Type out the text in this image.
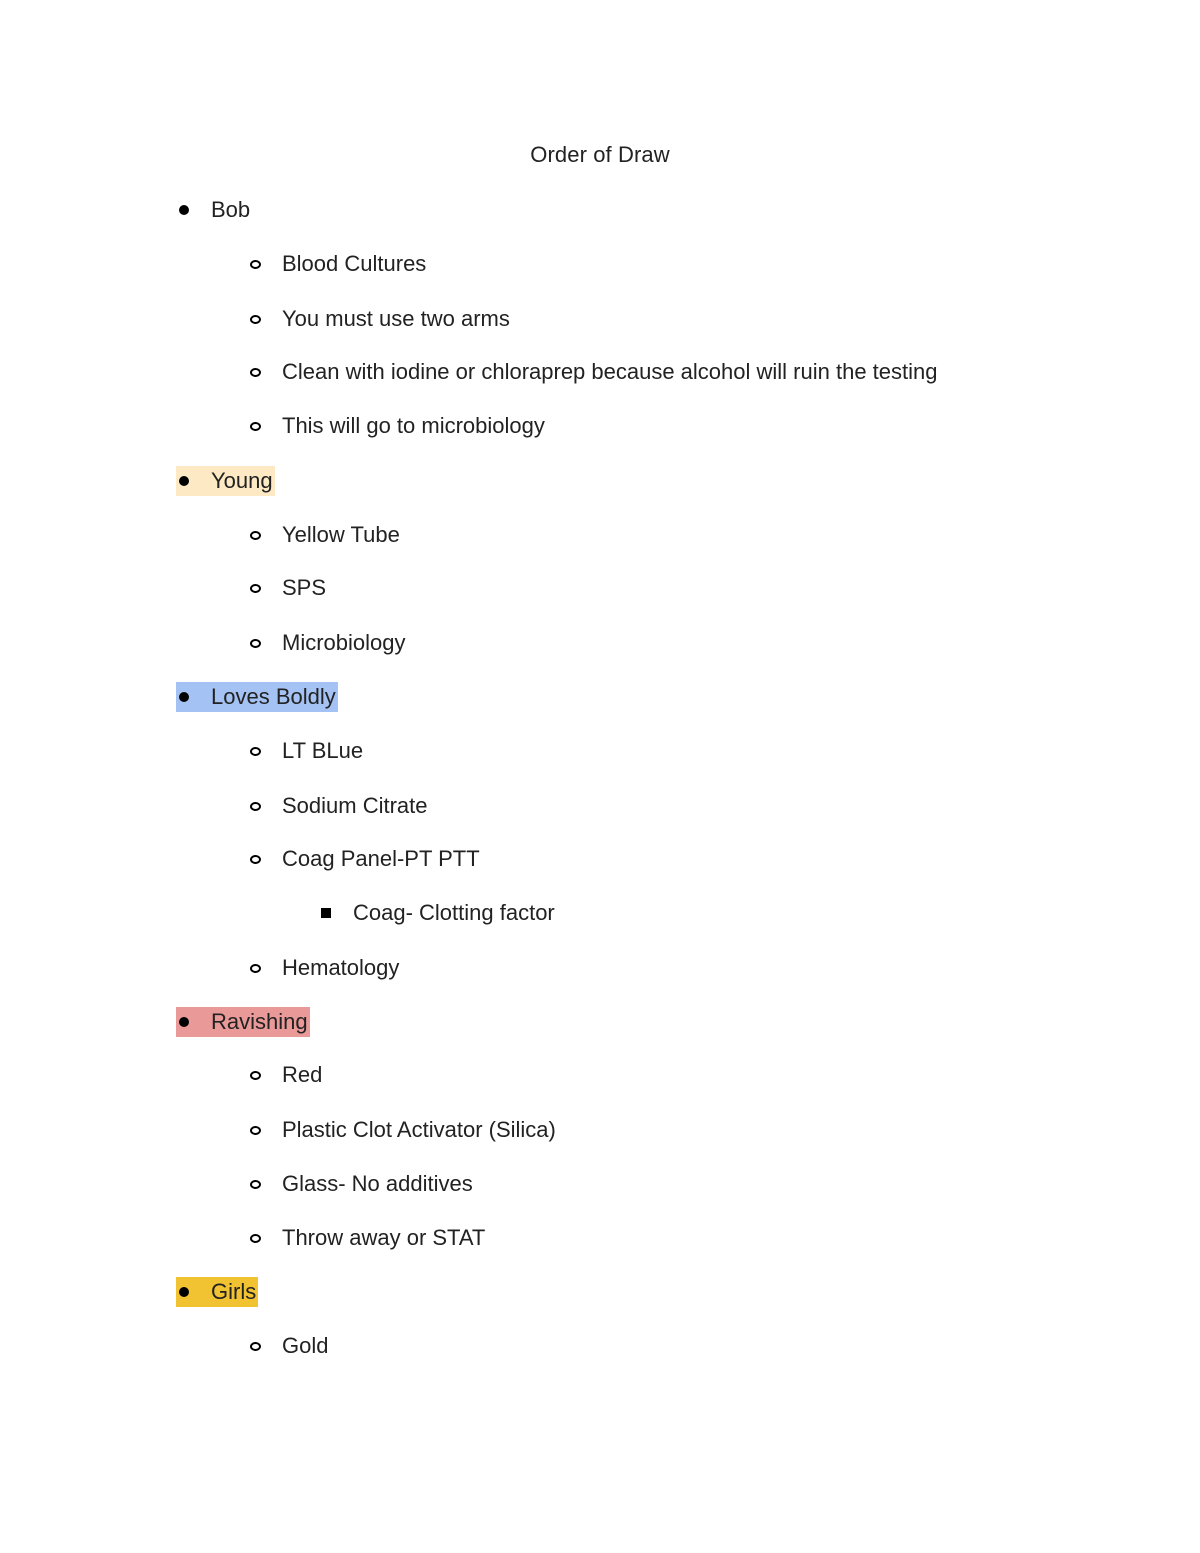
Order of Draw
Bob
Blood Cultures
You must use two arms
Clean with iodine or chloraprep because alcohol will ruin the testing
This will go to microbiology
Young
Yellow Tube
SPS
Microbiology
Loves Boldly
LT BLue
Sodium Citrate
Coag Panel-PT PTT
Coag- Clotting factor
Hematology
Ravishing
Red
Plastic Clot Activator (Silica)
Glass- No additives
Throw away or STAT
Girls
Gold
